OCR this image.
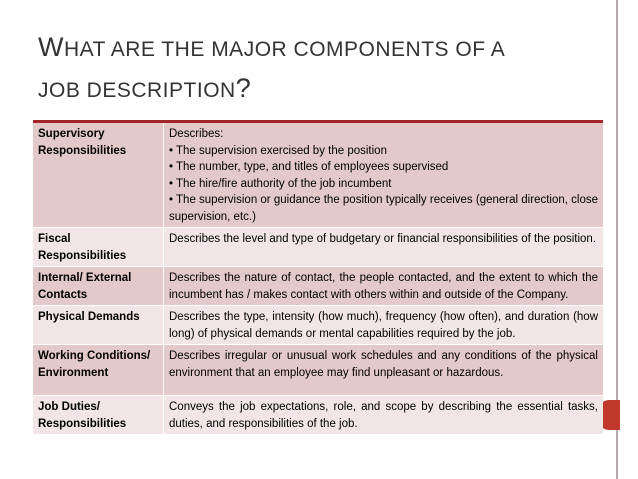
WHAT ARE THE MAJOR COMPONENTS OF A
JOB DESCRIPTION?
Supervisory Responsibilities
Describes:
• The supervision exercised by the position
• The number, type, and titles of employees supervised
• The hire/fire authority of the job incumbent
• The supervision or guidance the position typically receives (general direction, close supervision, etc.)
Fiscal Responsibilities
Describes the level and type of budgetary or financial responsibilities of the position.
Internal/ External Contacts
Describes the nature of contact, the people contacted, and the extent to which the incumbent has / makes contact with others within and outside of the Company.
Physical Demands	Describes the type, intensity (how much), frequency (how often), and duration (how long) of physical demands or mental capabilities required by the job.
Working Conditions/ Environment
Describes irregular or unusual work schedules and any conditions of the physical environment that an employee may find unpleasant or hazardous.
Job Duties/ Responsibilities
Conveys the job expectations, role, and scope by describing the essential tasks, duties, and responsibilities of the job.
